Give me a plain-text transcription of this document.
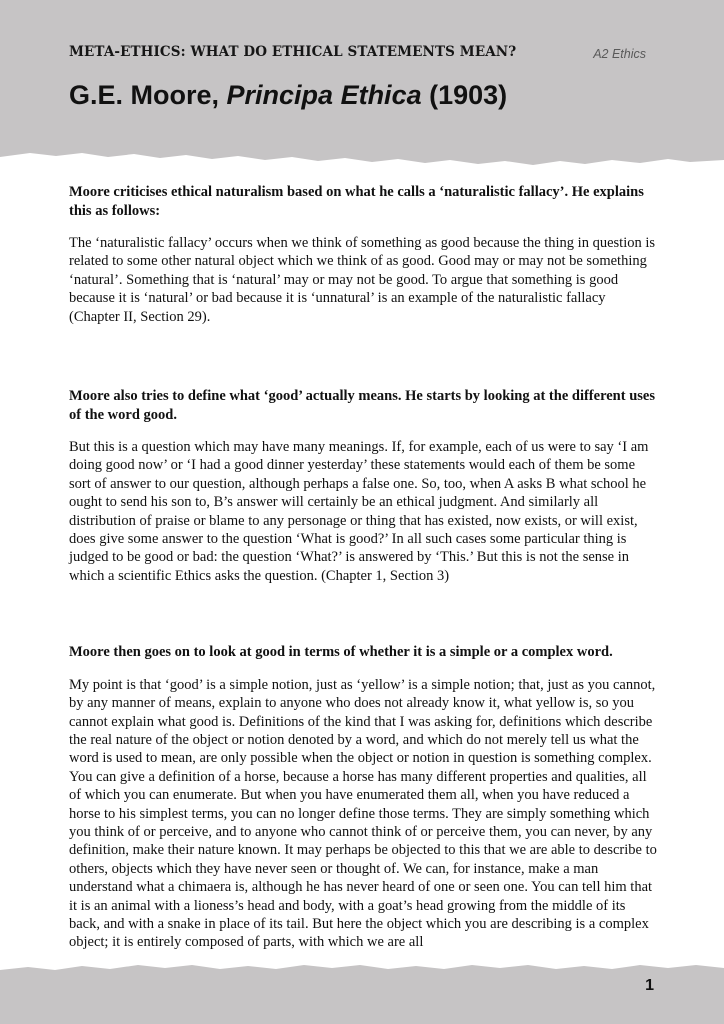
META-ETHICS: WHAT DO ETHICAL STATEMENTS MEAN?	A2 Ethics
G.E. Moore, Principa Ethica (1903)

Moore criticises ethical naturalism based on what he calls a ‘naturalistic fallacy’. He explains this as follows:

The ‘naturalistic fallacy’ occurs when we think of something as good because the thing in question is related to some other natural object which we think of as good. Good may or may not be something ‘natural’. Something that is ‘natural’ may or may not be good. To argue that something is good because it is ‘natural’ or bad because it is ‘unnatural’ is an example of the naturalistic fallacy (Chapter II, Section 29).

Moore also tries to define what ‘good’ actually means. He starts by looking at the different uses of the word good.

But this is a question which may have many meanings. If, for example, each of us were to say ‘I am doing good now’ or ‘I had a good dinner yesterday’ these statements would each of them be some sort of answer to our question, although perhaps a false one. So, too, when A asks B what school he ought to send his son to, B’s answer will certainly be an ethical judgment. And similarly all distribution of praise or blame to any personage or thing that has existed, now exists, or will exist, does give some answer to the question ‘What is good?’ In all such cases some particular thing is judged to be good or bad: the question ‘What?’ is answered by ‘This.’ But this is not the sense in which a scientific Ethics asks the question. (Chapter 1, Section 3)

Moore then goes on to look at good in terms of whether it is a simple or a complex word.

My point is that ‘good’ is a simple notion, just as ‘yellow’ is a simple notion; that, just as you cannot, by any manner of means, explain to anyone who does not already know it, what yellow is, so you cannot explain what good is. Definitions of the kind that I was asking for, definitions which describe the real nature of the object or notion denoted by a word, and which do not merely tell us what the word is used to mean, are only possible when the object or notion in question is something complex. You can give a definition of a horse, because a horse has many different properties and qualities, all of which you can enumerate. But when you have enumerated them all, when you have reduced a horse to his simplest terms, you can no longer define those terms. They are simply something which you think of or perceive, and to anyone who cannot think of or perceive them, you can never, by any definition, make their nature known. It may perhaps be objected to this that we are able to describe to others, objects which they have never seen or thought of. We can, for instance, make a man understand what a chimaera is, although he has never heard of one or seen one. You can tell him that it is an animal with a lioness’s head and body, with a goat’s head growing from the middle of its back, and with a snake in place of its tail. But here the object which you are describing is a complex object; it is entirely composed of parts, with which we are all

1
